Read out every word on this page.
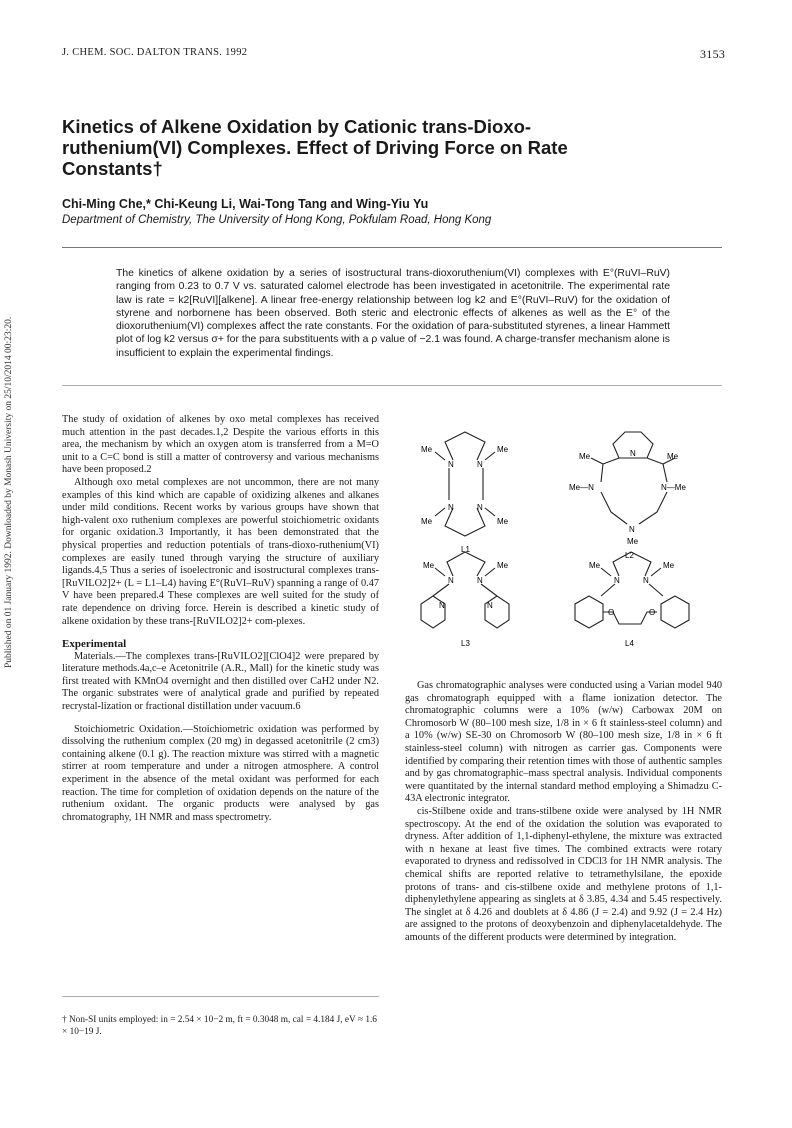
J. CHEM. SOC. DALTON TRANS. 1992	3153
Published on 01 January 1992. Downloaded by Monash University on 25/10/2014 00:23:20.
Kinetics of Alkene Oxidation by Cationic trans-Dioxo-
ruthenium(VI) Complexes. Effect of Driving Force on Rate
Constants†
Chi-Ming Che,* Chi-Keung Li, Wai-Tong Tang and Wing-Yiu Yu
Department of Chemistry, The University of Hong Kong, Pokfulam Road, Hong Kong
The kinetics of alkene oxidation by a series of isostructural trans-dioxoruthenium(VI) complexes with E°(RuVI–RuV) ranging from 0.23 to 0.7 V vs. saturated calomel electrode has been investigated in acetonitrile. The experimental rate law is rate = k2[RuVI][alkene]. A linear free-energy relationship between log k2 and E°(RuVI–RuV) for the oxidation of styrene and norbornene has been observed. Both steric and electronic effects of alkenes as well as the E° of the dioxoruthenium(VI) complexes affect the rate constants. For the oxidation of para-substituted styrenes, a linear Hammett plot of log k2 versus σ+ for the para substituents with a ρ value of −2.1 was found. A charge-transfer mechanism alone is insufficient to explain the experimental findings.

The study of oxidation of alkenes by oxo metal complexes has received much attention in the past decades.1,2 Despite the various efforts in this area, the mechanism by which an oxygen atom is transferred from a M=O unit to a C=C bond is still a matter of controversy and various mechanisms have been proposed.2

Although oxo metal complexes are not uncommon, there are not many examples of this kind which are capable of oxidizing alkenes and alkanes under mild conditions. Recent works by various groups have shown that high-valent oxo ruthenium complexes are powerful stoichiometric oxidants for organic oxidation.3 Importantly, it has been demonstrated that the physical properties and reduction potentials of trans-dioxo-ruthenium(VI) complexes are easily tuned through varying the structure of auxiliary ligands.4,5 Thus a series of isoelectronic and isostructural complexes trans-[RuVILO2]2+ (L = L1–L4) having E°(RuVI–RuV) spanning a range of 0.47 V have been prepared.4 These complexes are well suited for the study of rate dependence on driving force. Herein is described a kinetic study of alkene oxidation by these trans-[RuVILO2]2+ com-plexes.

Experimental

Materials.—The complexes trans-[RuVILO2][ClO4]2 were prepared by literature methods.4a,c–e Acetonitrile (A.R., Mall) for the kinetic study was first treated with KMnO4 overnight and then distilled over CaH2 under N2. The organic substrates were of analytical grade and purified by repeated recrystal-lization or fractional distillation under vacuum.6

Stoichiometric Oxidation.—Stoichiometric oxidation was performed by dissolving the ruthenium complex (20 mg) in degassed acetonitrile (2 cm3) containing alkene (0.1 g). The reaction mixture was stirred with a magnetic stirrer at room temperature and under a nitrogen atmosphere. A control experiment in the absence of the metal oxidant was performed for each reaction. The time for completion of oxidation depends on the nature of the ruthenium oxidant. The organic products were analysed by gas chromatography, 1H NMR and mass spectrometry.

† Non-SI units employed: in = 2.54 × 10−2 m, ft = 0.3048 m, cal = 4.184 J, eV ≈ 1.6 × 10−19 J.
N	N
N	N
Me	Me
Me	Me
L1
N
Me	Me
Me—N	N—Me
N
Me
L2
N	N
Me	Me
N	N
L3
N	N
Me	Me
O	O
L4

Gas chromatographic analyses were conducted using a Varian model 940 gas chromatograph equipped with a flame ionization detector. The chromatographic columns were a 10% (w/w) Carbowax 20M on Chromosorb W (80–100 mesh size, 1/8 in × 6 ft stainless-steel column) and a 10% (w/w) SE-30 on Chromosorb W (80–100 mesh size, 1/8 in × 6 ft stainless-steel column) with nitrogen as carrier gas. Components were identified by comparing their retention times with those of authentic samples and by gas chromatographic–mass spectral analysis. Individual components were quantitated by the internal standard method employing a Shimadzu C-43A electronic integrator.

cis-Stilbene oxide and trans-stilbene oxide were analysed by 1H NMR spectroscopy. At the end of the oxidation the solution was evaporated to dryness. After addition of 1,1-diphenyl-ethylene, the mixture was extracted with n hexane at least five times. The combined extracts were rotary evaporated to dryness and redissolved in CDCl3 for 1H NMR analysis. The chemical shifts are reported relative to tetramethylsilane, the epoxide protons of trans- and cis-stilbene oxide and methylene protons of 1,1-diphenylethylene appearing as singlets at δ 3.85, 4.34 and 5.45 respectively. The singlet at δ 4.26 and doublets at δ 4.86 (J = 2.4) and 9.92 (J = 2.4 Hz) are assigned to the protons of deoxybenzoin and diphenylacetaldehyde. The amounts of the different products were determined by integration.
